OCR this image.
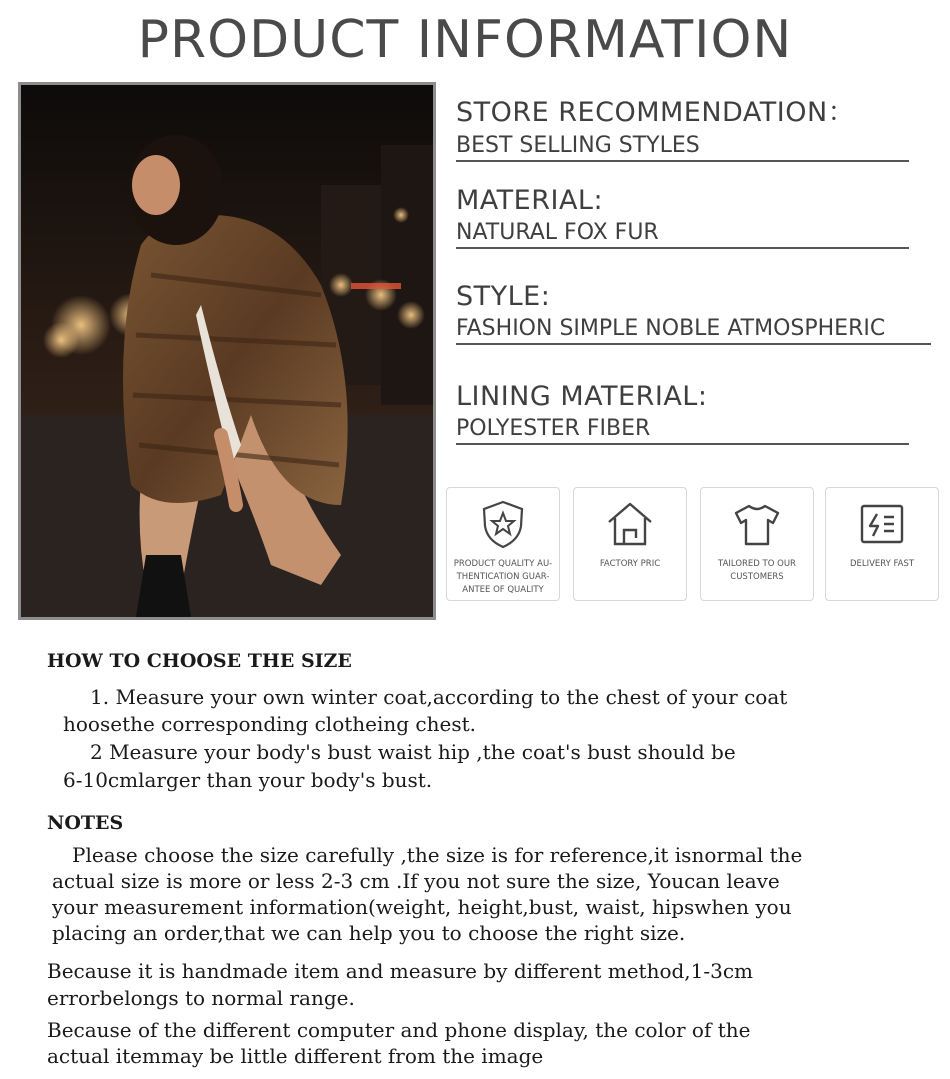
PRODUCT INFORMATION
STORE RECOMMENDATION：
BEST SELLING STYLES
MATERIAL:
NATURAL FOX FUR
STYLE:
FASHION SIMPLE NOBLE ATMOSPHERIC
LINING MATERIAL:
POLYESTER FIBER
PRODUCT QUALITY AU-
THENTICATION GUAR-
ANTEE OF QUALITY
FACTORY PRIC	TAILORED TO OUR
CUSTOMERS
DELIVERY FAST
HOW TO CHOOSE THE SIZE
1. Measure your own winter coat,according to the chest of your coat
hoosethe corresponding clotheing chest.
2 Measure your body's bust waist hip ,the coat's bust should be
6-10cmlarger than your body's bust.
NOTES
Please choose the size carefully ,the size is for reference,it isnormal the
actual size is more or less 2-3 cm .If you not sure the size, Youcan leave
your measurement information(weight, height,bust, waist, hipswhen you
placing an order,that we can help you to choose the right size.
Because it is handmade item and measure by different method,1-3cm
errorbelongs to normal range.
Because of the different computer and phone display, the color of the
actual itemmay be little different from the image
